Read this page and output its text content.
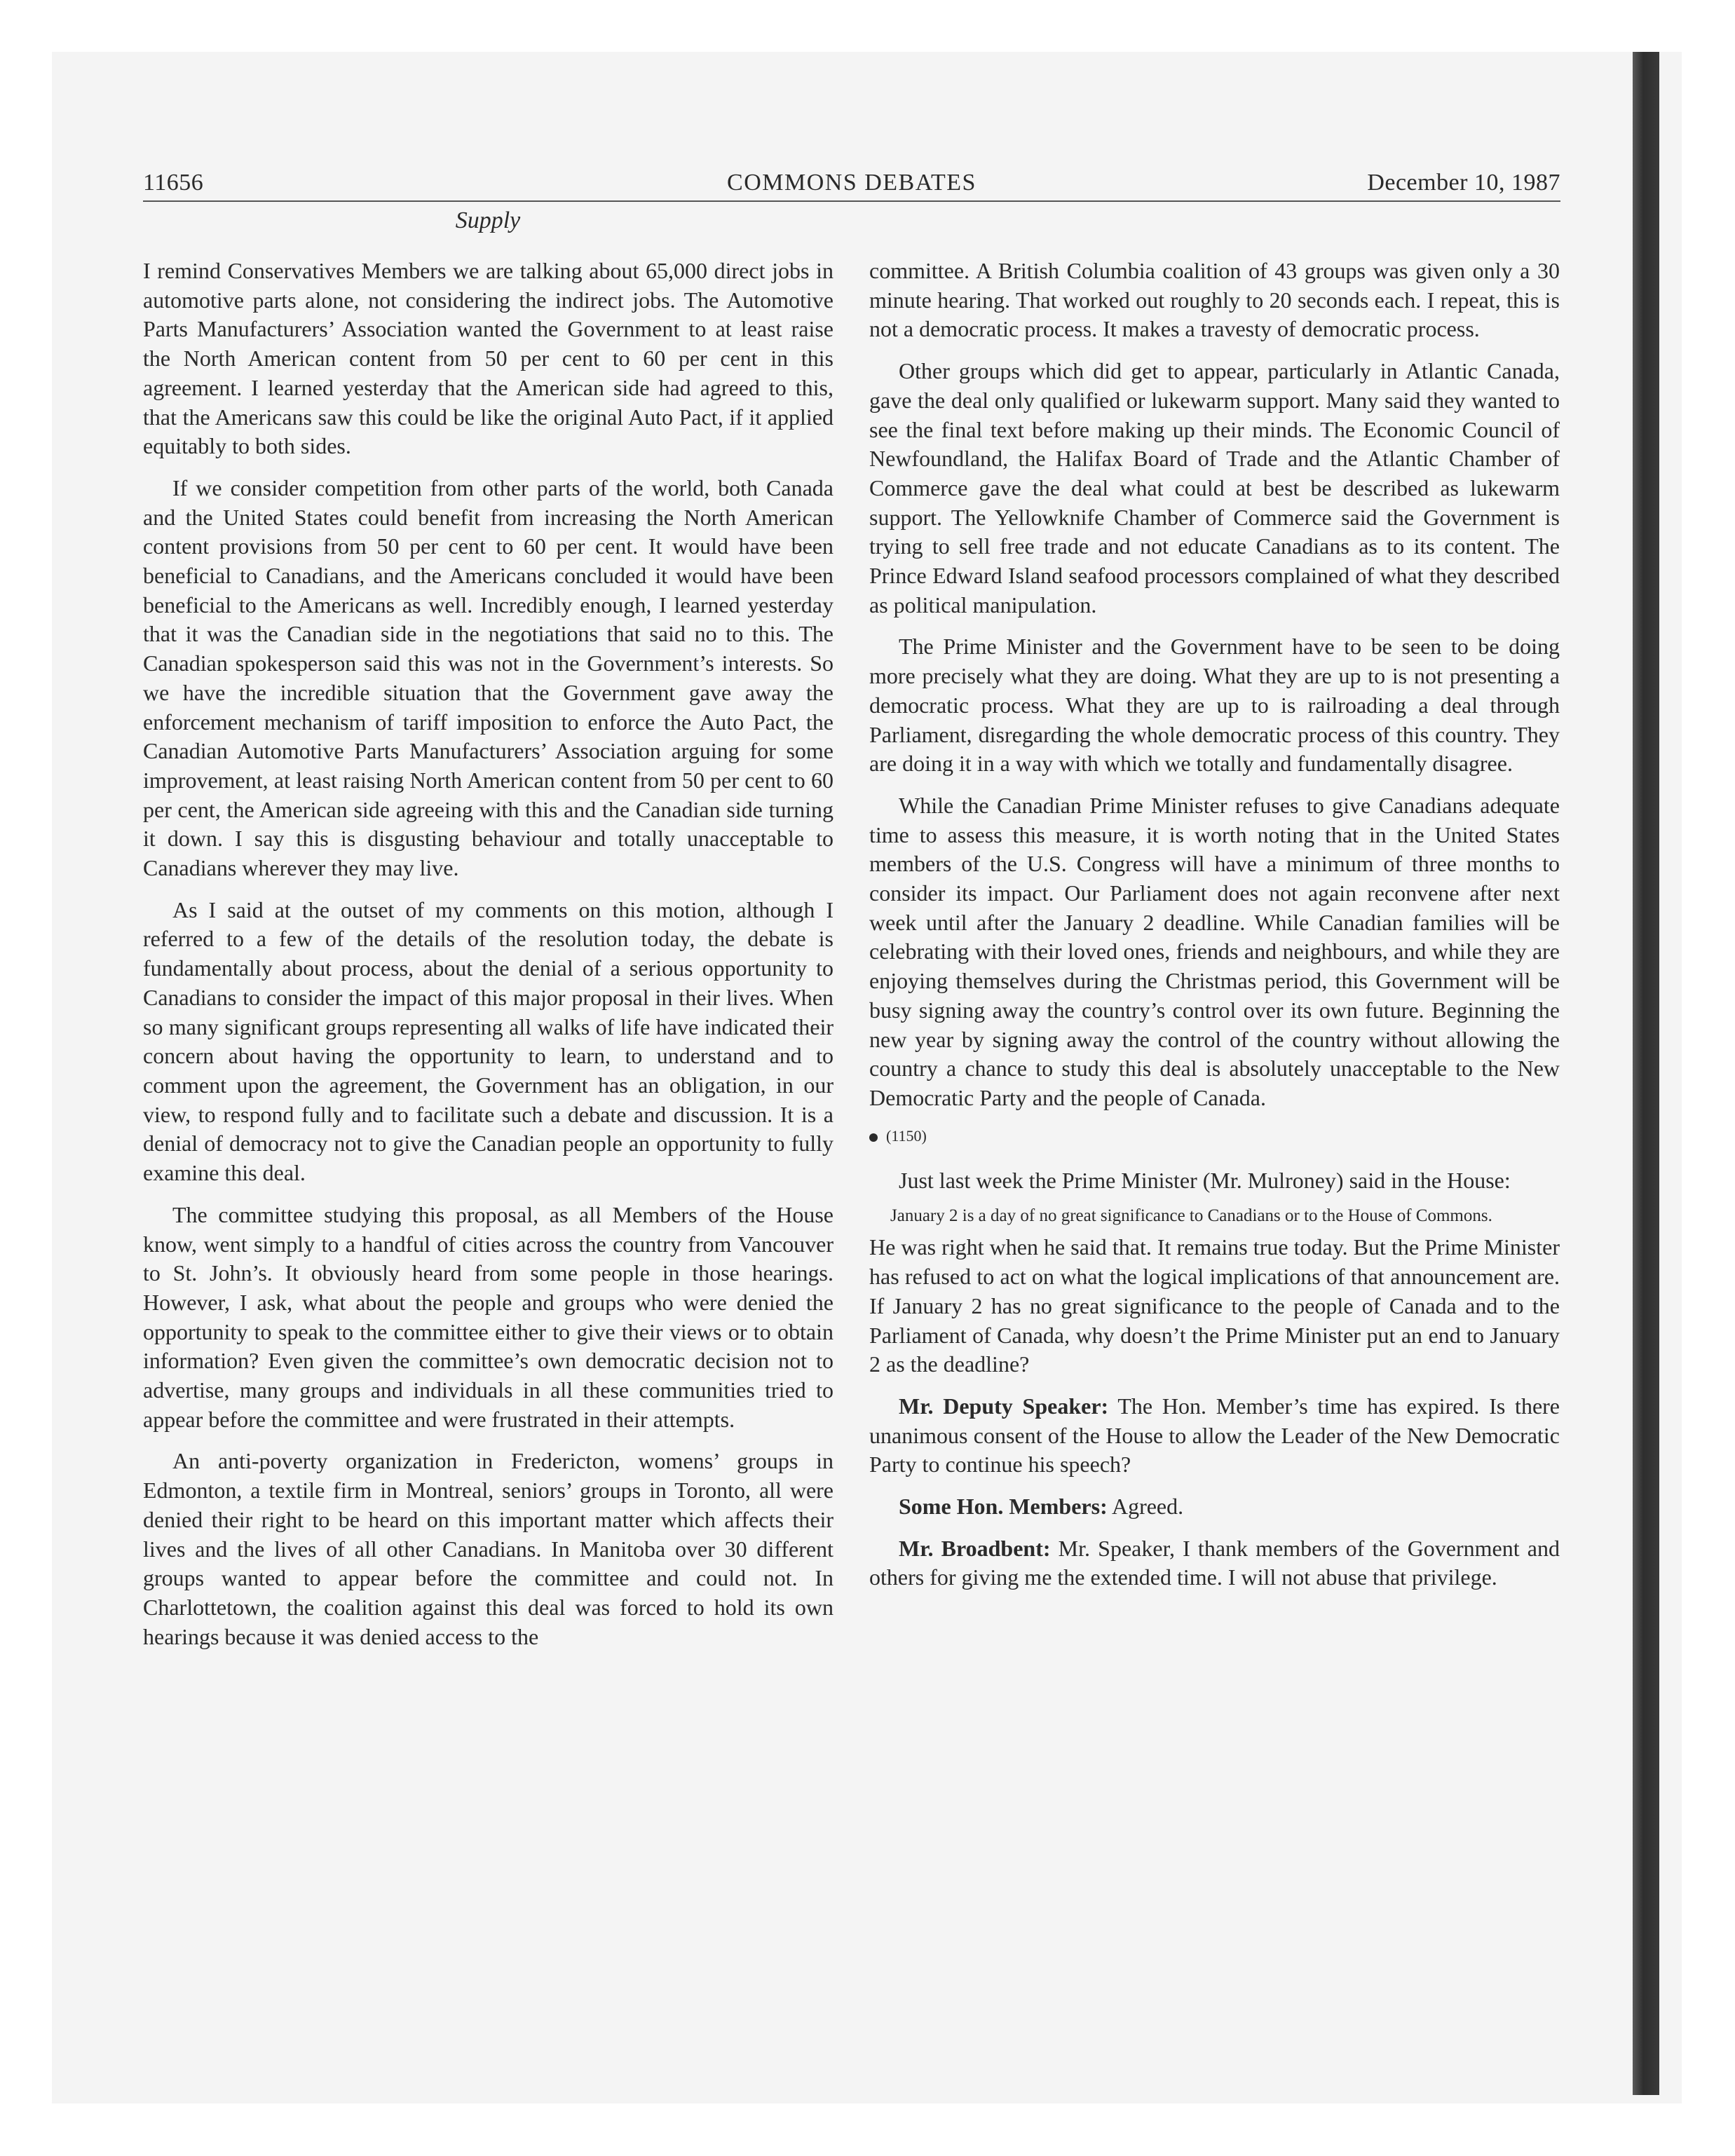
11656	COMMONS DEBATES	December 10, 1987
Supply

I remind Conservatives Members we are talking about 65,000 direct jobs in automotive parts alone, not considering the indirect jobs. The Automotive Parts Manufacturers’ Association wanted the Government to at least raise the North American content from 50 per cent to 60 per cent in this agreement. I learned yesterday that the American side had agreed to this, that the Americans saw this could be like the original Auto Pact, if it applied equitably to both sides.

If we consider competition from other parts of the world, both Canada and the United States could benefit from increasing the North American content provisions from 50 per cent to 60 per cent. It would have been beneficial to Canadians, and the Americans concluded it would have been beneficial to the Americans as well. Incredibly enough, I learned yesterday that it was the Canadian side in the negotiations that said no to this. The Canadian spokesperson said this was not in the Government’s interests. So we have the incredible situation that the Government gave away the enforcement mechanism of tariff imposition to enforce the Auto Pact, the Canadian Automotive Parts Manufacturers’ Association arguing for some improvement, at least raising North American content from 50 per cent to 60 per cent, the American side agreeing with this and the Canadian side turning it down. I say this is disgusting behaviour and totally unacceptable to Canadians wherever they may live.

As I said at the outset of my comments on this motion, although I referred to a few of the details of the resolution today, the debate is fundamentally about process, about the denial of a serious opportunity to Canadians to consider the impact of this major proposal in their lives. When so many significant groups representing all walks of life have indicated their concern about having the opportunity to learn, to understand and to comment upon the agreement, the Government has an obligation, in our view, to respond fully and to facilitate such a debate and discussion. It is a denial of democracy not to give the Canadian people an opportunity to fully examine this deal.

The committee studying this proposal, as all Members of the House know, went simply to a handful of cities across the country from Vancouver to St. John’s. It obviously heard from some people in those hearings. However, I ask, what about the people and groups who were denied the opportunity to speak to the committee either to give their views or to obtain information? Even given the committee’s own democratic decision not to advertise, many groups and individuals in all these communities tried to appear before the committee and were frustrated in their attempts.

An anti-poverty organization in Fredericton, womens’ groups in Edmonton, a textile firm in Montreal, seniors’ groups in Toronto, all were denied their right to be heard on this important matter which affects their lives and the lives of all other Canadians. In Manitoba over 30 different groups wanted to appear before the committee and could not. In Charlottetown, the coalition against this deal was forced to hold its own hearings because it was denied access to the

committee. A British Columbia coalition of 43 groups was given only a 30 minute hearing. That worked out roughly to 20 seconds each. I repeat, this is not a democratic process. It makes a travesty of democratic process.

Other groups which did get to appear, particularly in Atlantic Canada, gave the deal only qualified or lukewarm support. Many said they wanted to see the final text before making up their minds. The Economic Council of Newfoundland, the Halifax Board of Trade and the Atlantic Chamber of Commerce gave the deal what could at best be described as lukewarm support. The Yellowknife Chamber of Commerce said the Government is trying to sell free trade and not educate Canadians as to its content. The Prince Edward Island seafood processors complained of what they described as political manipulation.

The Prime Minister and the Government have to be seen to be doing more precisely what they are doing. What they are up to is not presenting a democratic process. What they are up to is railroading a deal through Parliament, disregarding the whole democratic process of this country. They are doing it in a way with which we totally and fundamentally disagree.

While the Canadian Prime Minister refuses to give Canadians adequate time to assess this measure, it is worth noting that in the United States members of the U.S. Congress will have a minimum of three months to consider its impact. Our Parliament does not again reconvene after next week until after the January 2 deadline. While Canadian families will be celebrating with their loved ones, friends and neighbours, and while they are enjoying themselves during the Christmas period, this Government will be busy signing away the country’s control over its own future. Beginning the new year by signing away the control of the country without allowing the country a chance to study this deal is absolutely unacceptable to the New Democratic Party and the people of Canada.

(1150)

Just last week the Prime Minister (Mr. Mulroney) said in the House:

January 2 is a day of no great significance to Canadians or to the House of Commons.

He was right when he said that. It remains true today. But the Prime Minister has refused to act on what the logical implications of that announcement are. If January 2 has no great significance to the people of Canada and to the Parliament of Canada, why doesn’t the Prime Minister put an end to January 2 as the deadline?

Mr. Deputy Speaker: The Hon. Member’s time has expired. Is there unanimous consent of the House to allow the Leader of the New Democratic Party to continue his speech?

Some Hon. Members: Agreed.

Mr. Broadbent: Mr. Speaker, I thank members of the Government and others for giving me the extended time. I will not abuse that privilege.
